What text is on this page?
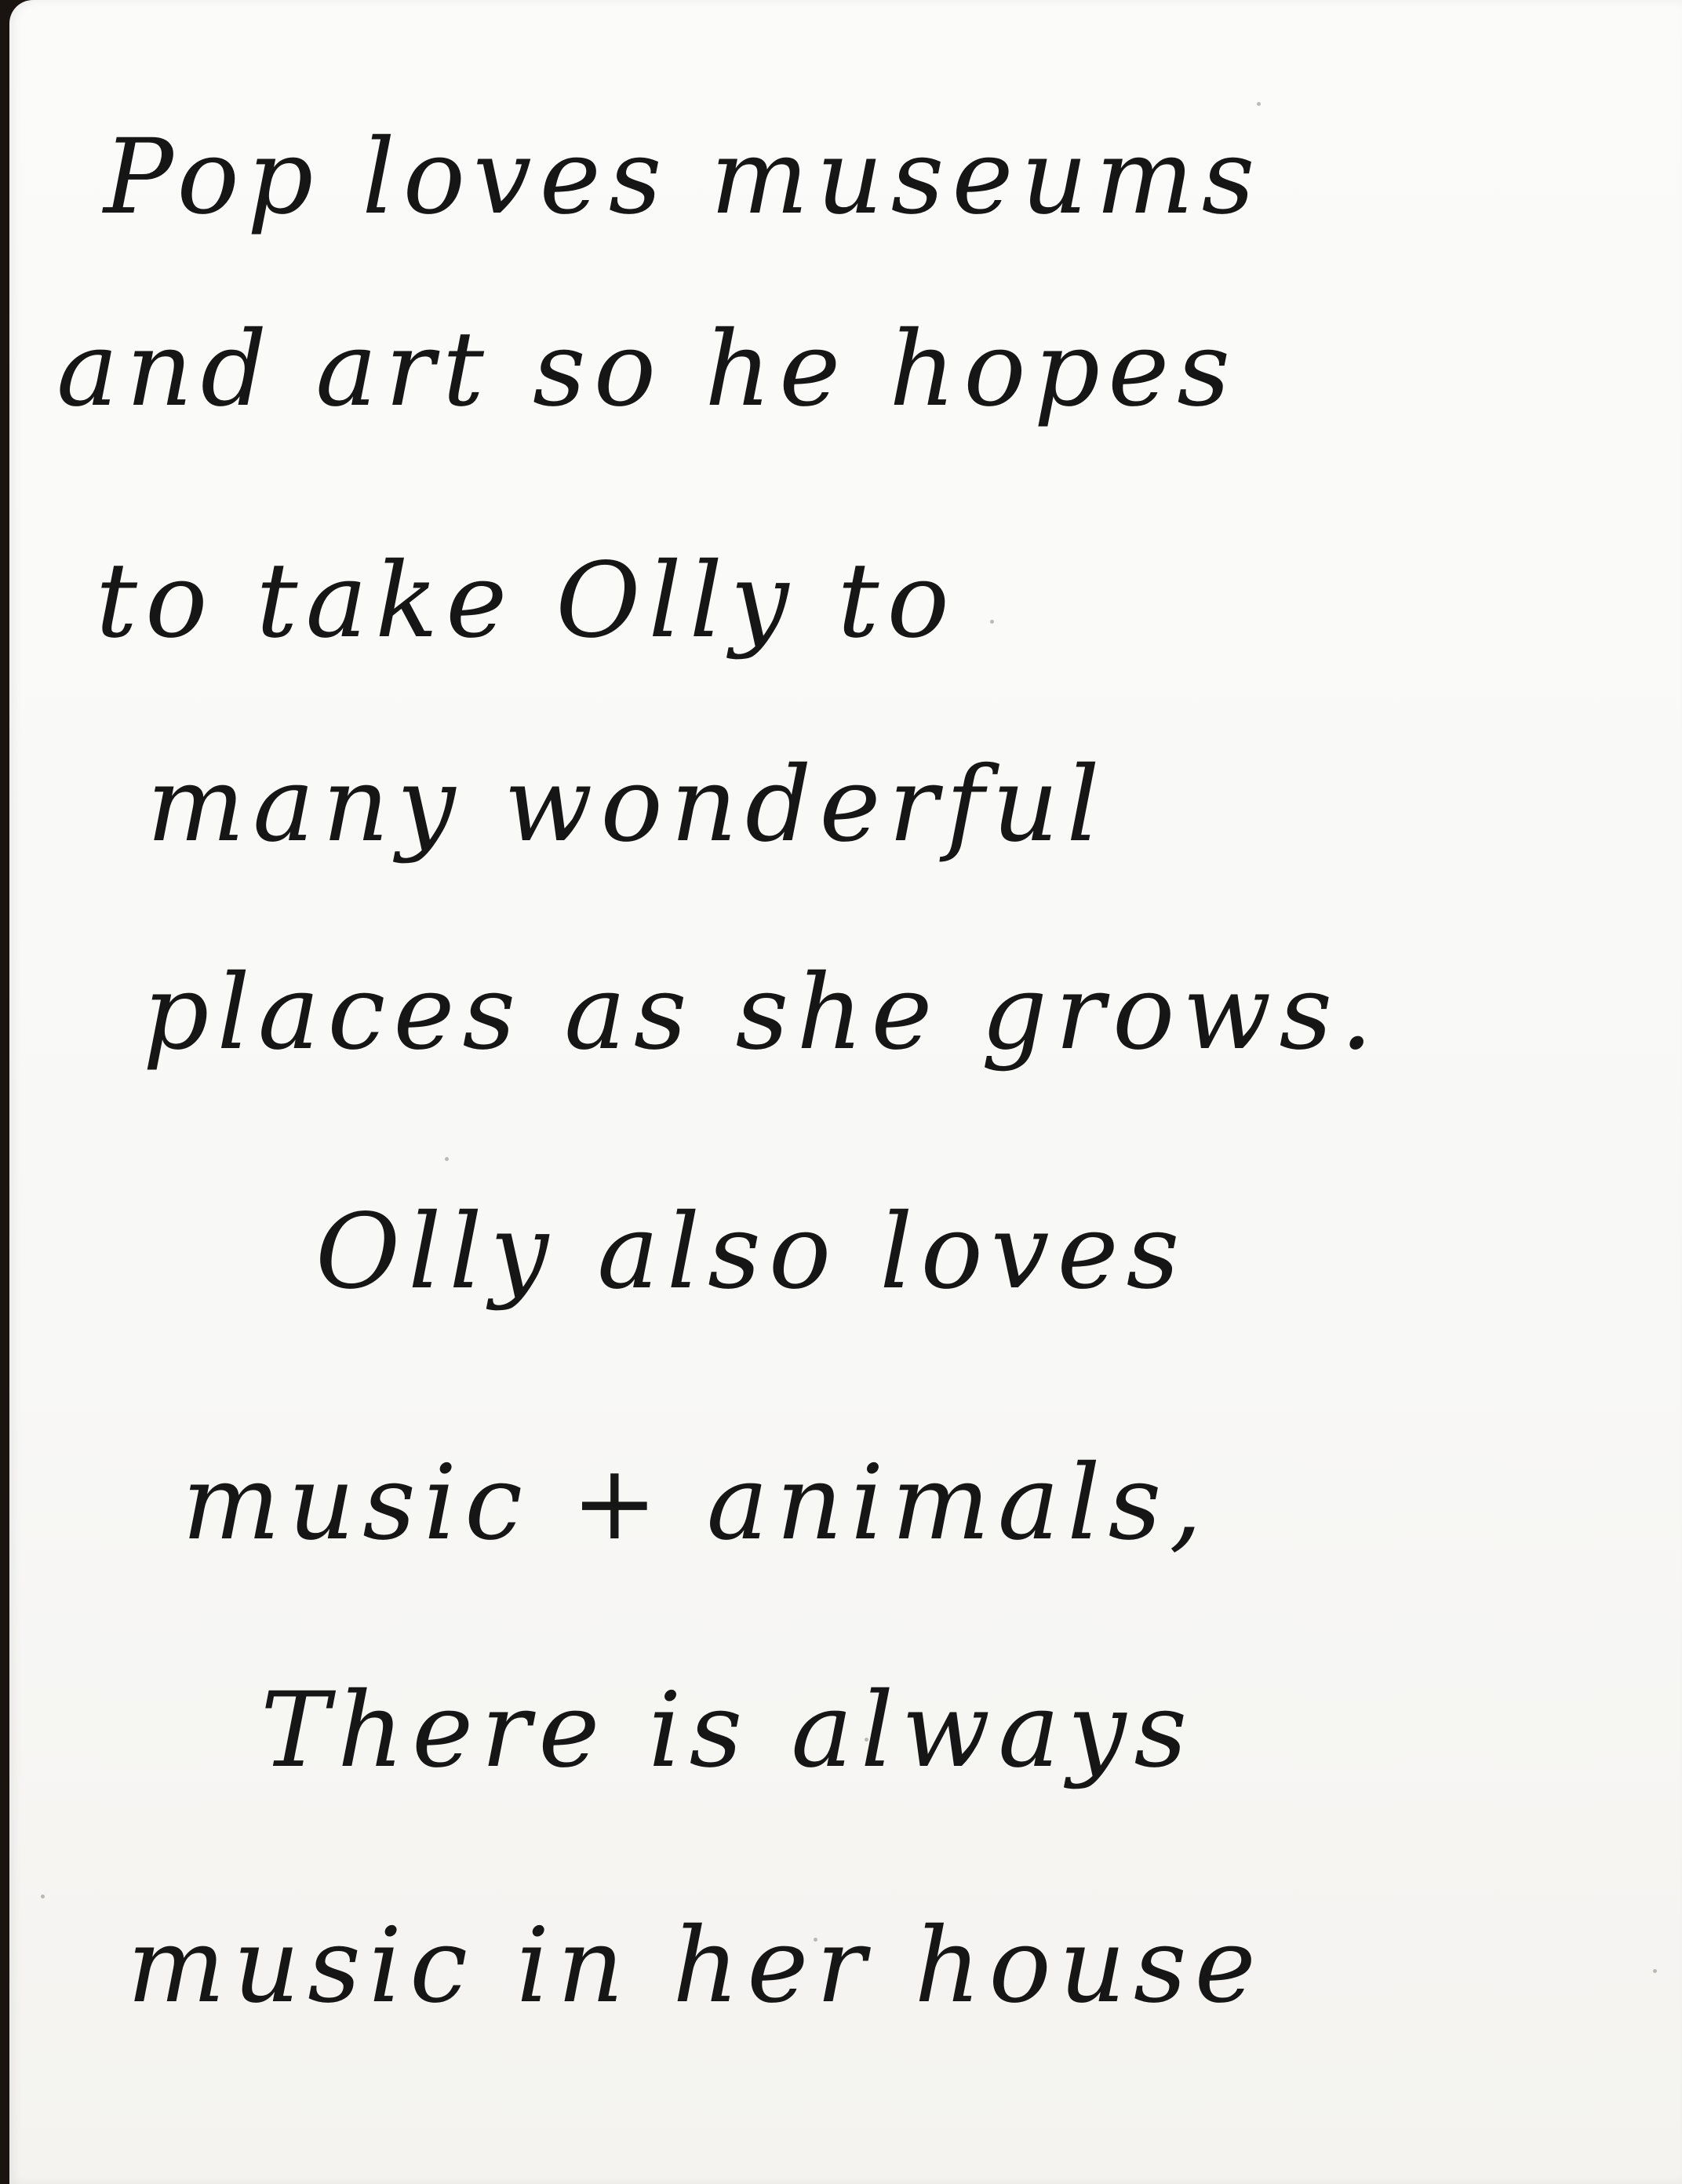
Pop loves museums

and art so he hopes

to take Olly to

many wonderful

places as she grows.

Olly also loves

music + animals,

There is always

music in her house
